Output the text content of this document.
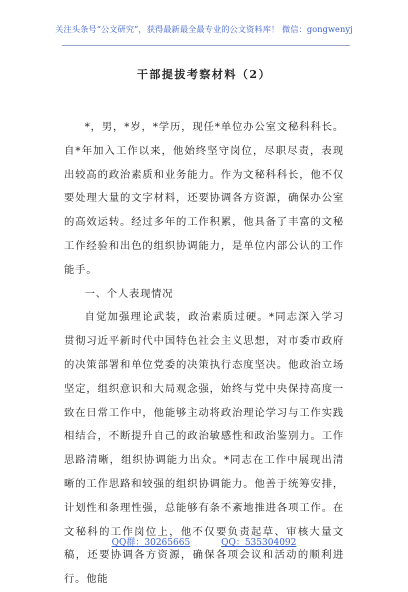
关注头条号“公文研究”，获得最新最全最专业的公文资料库！ 微信：gongwenyj
干部提拔考察材料（2）

*，男，*岁，*学历，现任*单位办公室文秘科科长。自*年加入工作以来，他始终坚守岗位，尽职尽责，表现出较高的政治素质和业务能力。作为文秘科科长，他不仅要处理大量的文字材料，还要协调各方资源，确保办公室的高效运转。经过多年的工作积累，他具备了丰富的文秘工作经验和出色的组织协调能力，是单位内部公认的工作能手。

一、个人表现情况

自觉加强理论武装，政治素质过硬。*同志深入学习贯彻习近平新时代中国特色社会主义思想，对市委市政府的决策部署和单位党委的决策执行态度坚决。他政治立场坚定，组织意识和大局观念强，始终与党中央保持高度一致在日常工作中，他能够主动将政治理论学习与工作实践相结合，不断提升自己的政治敏感性和政治鉴别力。工作思路清晰，组织协调能力出众。*同志在工作中展现出清晰的工作思路和较强的组织协调能力。他善于统筹安排，计划性和条理性强，总能够有条不紊地推进各项工作。在文秘科的工作岗位上，他不仅要负责起草、审核大量文稿，还要协调各方资源，确保各项会议和活动的顺利进行。他能

QQ群：30265665	QQ：535304092
